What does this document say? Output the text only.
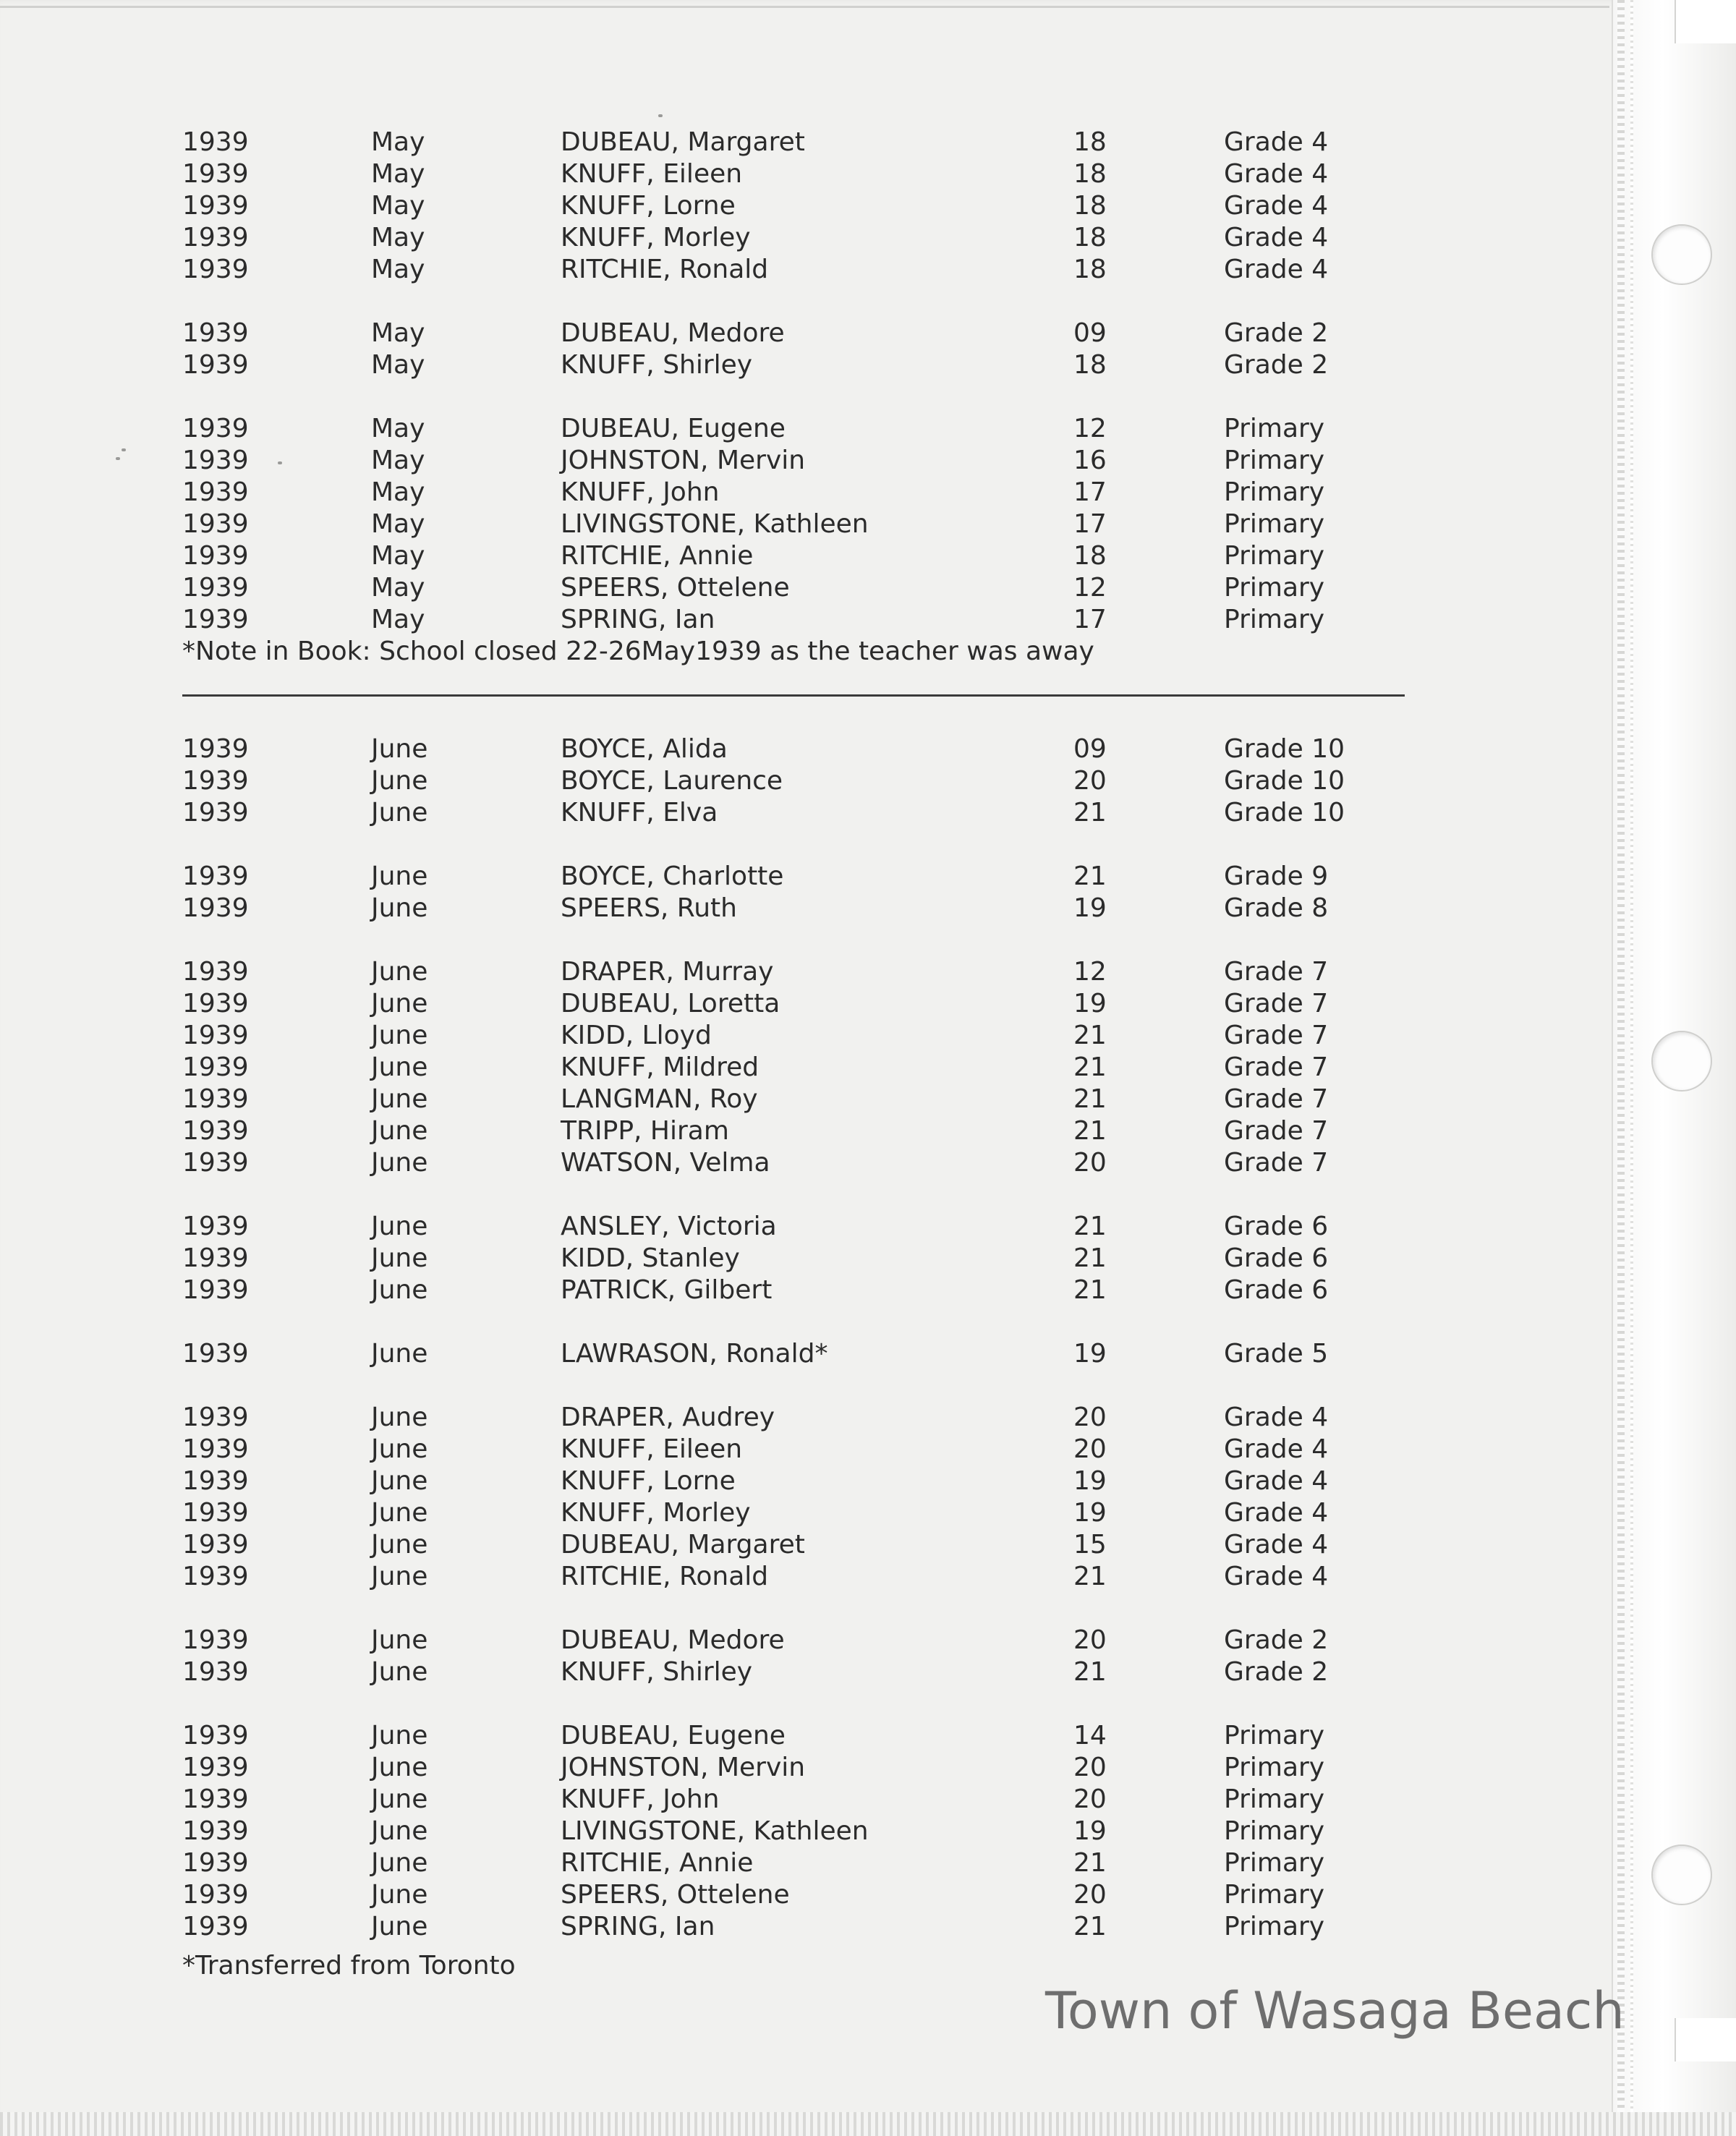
1939	May	DUBEAU, Margaret	18	Grade 4
1939	May	KNUFF, Eileen	18	Grade 4
1939	May	KNUFF, Lorne	18	Grade 4
1939	May	KNUFF, Morley	18	Grade 4
1939	May	RITCHIE, Ronald	18	Grade 4
1939	May	DUBEAU, Medore	09	Grade 2
1939	May	KNUFF, Shirley	18	Grade 2
1939	May	DUBEAU, Eugene	12	Primary
1939	May	JOHNSTON, Mervin	16	Primary
1939	May	KNUFF, John	17	Primary
1939	May	LIVINGSTONE, Kathleen	17	Primary
1939	May	RITCHIE, Annie	18	Primary
1939	May	SPEERS, Ottelene	12	Primary
1939	May	SPRING, Ian	17	Primary
*Note in Book: School closed 22-26May1939 as the teacher was away
1939	June	BOYCE, Alida	09	Grade 10
1939	June	BOYCE, Laurence	20	Grade 10
1939	June	KNUFF, Elva	21	Grade 10
1939	June	BOYCE, Charlotte	21	Grade 9
1939	June	SPEERS, Ruth	19	Grade 8
1939	June	DRAPER, Murray	12	Grade 7
1939	June	DUBEAU, Loretta	19	Grade 7
1939	June	KIDD, Lloyd	21	Grade 7
1939	June	KNUFF, Mildred	21	Grade 7
1939	June	LANGMAN, Roy	21	Grade 7
1939	June	TRIPP, Hiram	21	Grade 7
1939	June	WATSON, Velma	20	Grade 7
1939	June	ANSLEY, Victoria	21	Grade 6
1939	June	KIDD, Stanley	21	Grade 6
1939	June	PATRICK, Gilbert	21	Grade 6
1939	June	LAWRASON, Ronald*	19	Grade 5
1939	June	DRAPER, Audrey	20	Grade 4
1939	June	KNUFF, Eileen	20	Grade 4
1939	June	KNUFF, Lorne	19	Grade 4
1939	June	KNUFF, Morley	19	Grade 4
1939	June	DUBEAU, Margaret	15	Grade 4
1939	June	RITCHIE, Ronald	21	Grade 4
1939	June	DUBEAU, Medore	20	Grade 2
1939	June	KNUFF, Shirley	21	Grade 2
1939	June	DUBEAU, Eugene	14	Primary
1939	June	JOHNSTON, Mervin	20	Primary
1939	June	KNUFF, John	20	Primary
1939	June	LIVINGSTONE, Kathleen	19	Primary
1939	June	RITCHIE, Annie	21	Primary
1939	June	SPEERS, Ottelene	20	Primary
1939	June	SPRING, Ian	21	Primary
*Transferred from Toronto
Town of Wasaga Beach
